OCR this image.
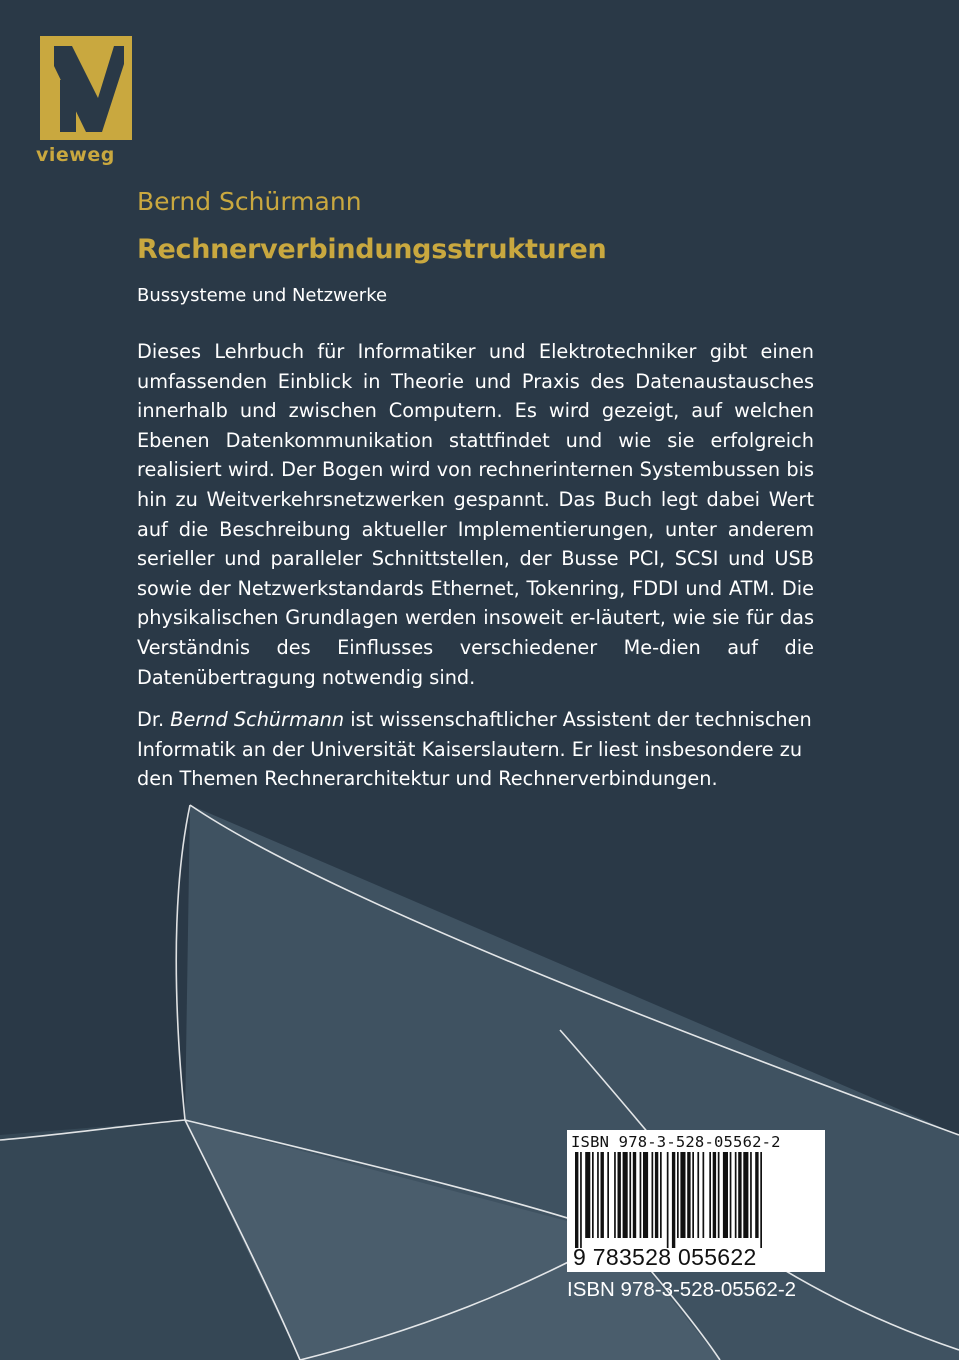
vieweg
Bernd Schürmann
Rechnerverbindungsstrukturen
Bussysteme und Netzwerke

Dieses Lehrbuch für Informatiker und Elektrotechniker gibt einen umfassenden Einblick in Theorie und Praxis des Datenaustausches innerhalb und zwischen Computern. Es wird gezeigt, auf welchen Ebenen Datenkommunikation stattfindet und wie sie erfolgreich realisiert wird. Der Bogen wird von rechnerinternen Systembussen bis hin zu Weitverkehrsnetzwerken gespannt. Das Buch legt dabei Wert auf die Beschreibung aktueller Implementierungen, unter anderem serieller und paralleler Schnittstellen, der Busse PCI, SCSI und USB sowie der Netzwerkstandards Ethernet, Tokenring, FDDI und ATM. Die physikalischen Grundlagen werden insoweit er-läutert, wie sie für das Verständnis des Einflusses verschiedener Me-dien auf die Datenübertragung notwendig sind.

Dr. Bernd Schürmann ist wissenschaftlicher Assistent der technischen Informatik an der Universität Kaiserslautern. Er liest insbesondere zu den Themen Rechnerarchitektur und Rechnerverbindungen.

ISBN 978-3-528-05562-2
9 783528 055622
ISBN 978-3-528-05562-2
